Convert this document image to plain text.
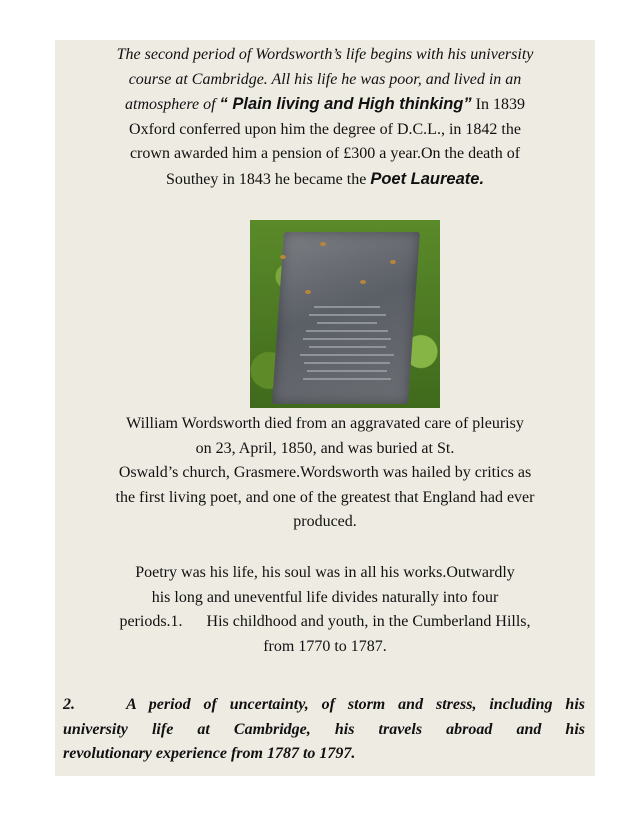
The second period of Wordsworth’s life begins with his university
course at Cambridge. All his life he was poor, and lived in an
atmosphere of “ Plain living and High thinking” In 1839
Oxford conferred upon him the degree of D.C.L., in 1842 the
crown awarded him a pension of £300 a year.On the death of
Southey in 1843 he became the Poet Laureate.
William Wordsworth died from an aggravated care of pleurisy
on 23, April, 1850, and was buried at St.
Oswald’s church, Grasmere.Wordsworth was hailed by critics as
the first living poet, and one of the greatest that England had ever
produced.
Poetry was his life, his soul was in all his works.Outwardly
his long and uneventful life divides naturally into four
periods.1.      His childhood and youth, in the Cumberland Hills,
from 1770 to 1787.
2.    A period of uncertainty, of storm and stress, including his
university life at Cambridge, his travels abroad and his
revolutionary experience from 1787 to 1797.
